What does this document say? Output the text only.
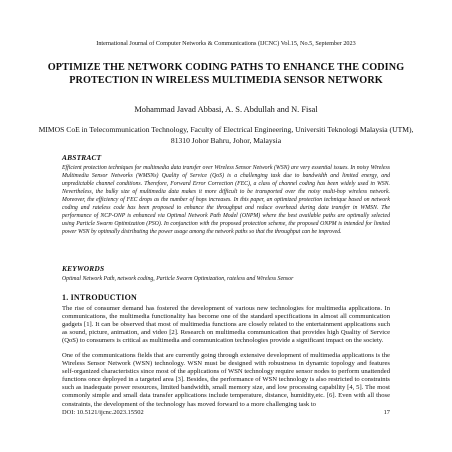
International Journal of Computer Networks & Communications (IJCNC) Vol.15, No.5, September 2023
OPTIMIZE THE NETWORK CODING PATHS TO ENHANCE THE CODING PROTECTION IN WIRELESS MULTIMEDIA SENSOR NETWORK
Mohammad Javad Abbasi, A. S. Abdullah and N. Fisal
MIMOS CoE in Telecommunication Technology, Faculty of Electrical Engineering, Universiti Teknologi Malaysia (UTM), 81310 Johor Bahru, Johor, Malaysia
ABSTRACT
Efficient protection techniques for multimedia data transfer over Wireless Sensor Network (WSN) are very essential issues. In noisy Wireless Multimedia Sensor Networks (WMSNs) Quality of Service (QoS) is a challenging task due to bandwidth and limited energy, and unpredictable channel conditions. Therefore, Forward Error Correction (FEC), a class of channel coding has been widely used in WSN. Nevertheless, the bulky size of multimedia data makes it more difficult to be transported over the noisy multi-hop wireless network. Moreover, the efficiency of FEC drops as the number of hops increases. In this paper, an optimized protection technique based on network coding and rateless code has been proposed to enhance the throughput and reduce overhead during data transfer in WMSN. The performance of NCP-ONP is enhanced via Optimal Network Path Model (ONPM) where the best available paths are optimally selected using Particle Swarm Optimization (PSO). In conjunction with the proposed protection scheme, the proposed ONPM is intended for limited power WSN by optimally distributing the power usage among the network paths so that the throughput can be improved.
KEYWORDS
Optimal Network Path, network coding, Particle Swarm Optimization, rateless and Wireless Sensor
1. INTRODUCTION
The rise of consumer demand has fostered the development of various new technologies for multimedia applications. In communications, the multimedia functionality has become one of the standard specifications in almost all communication gadgets [1]. It can be observed that most of multimedia functions are closely related to the entertainment applications such as sound, picture, animation, and video [2]. Research on multimedia communication that provides high Quality of Service (QoS) to consumers is critical as multimedia and communication technologies provide a significant impact on the society.
One of the communications fields that are currently going through extensive development of multimedia applications is the Wireless Sensor Network (WSN) technology. WSN must be designed with robustness in dynamic topology and features self-organized characteristics since most of the applications of WSN technology require sensor nodes to perform unattended functions once deployed in a targeted area [3]. Besides, the performance of WSN technology is also restricted to constraints such as inadequate power resources, limited bandwidth, small memory size, and low processing capability [4, 5]. The most commonly simple and small data transfer applications include temperature, distance, humidity,etc. [6]. Even with all those constraints, the development of the technology has moved forward to a more challenging task to
DOI: 10.5121/ijcnc.2023.15502	17
